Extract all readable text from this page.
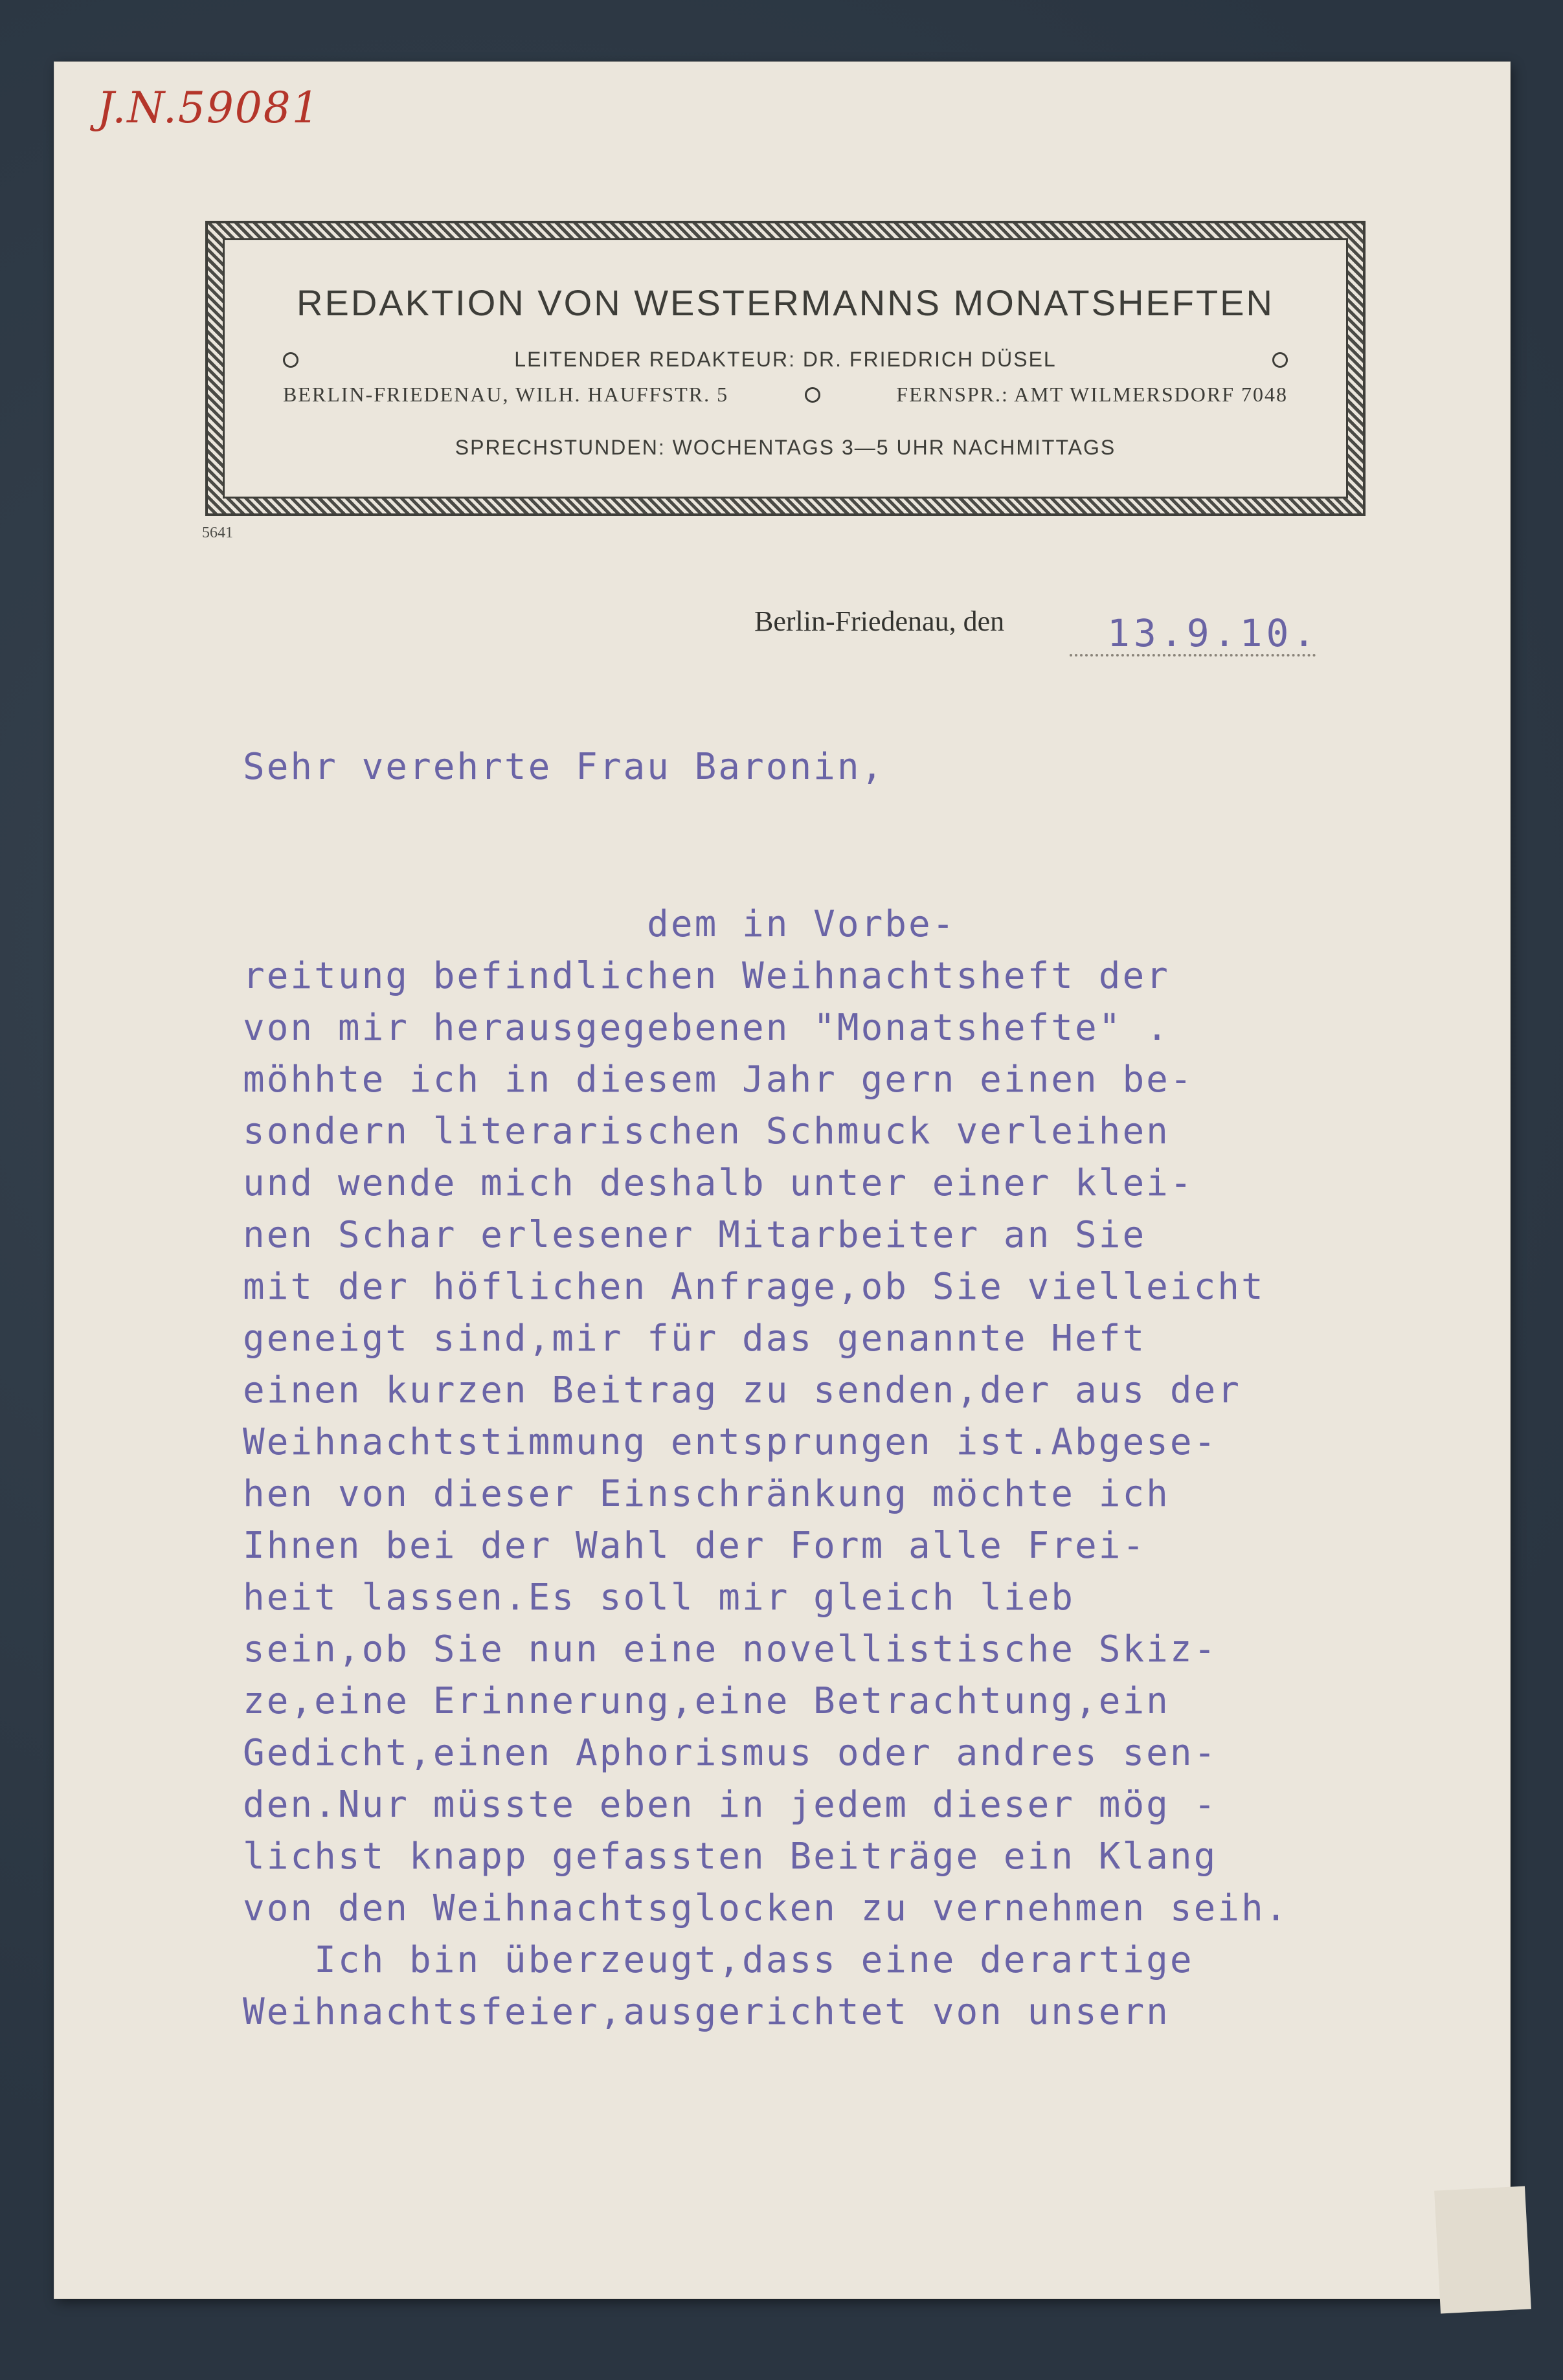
J.N.59081
REDAKTION VON WESTERMANNS MONATSHEFTEN
LEITENDER REDAKTEUR: DR. FRIEDRICH DÜSEL
BERLIN-FRIEDENAU, WILH. HAUFFSTR. 5	FERNSPR.: AMT WILMERSDORF 7048
SPRECHSTUNDEN: WOCHENTAGS 3—5 UHR NACHMITTAGS
5641
Berlin-Friedenau, den	13.9.10.
Sehr verehrte Frau Baronin,
dem in Vorbe-
reitung befindlichen Weihnachtsheft der
von mir herausgegebenen "Monatshefte" .
möhhte ich in diesem Jahr gern einen be-
sondern literarischen Schmuck verleihen
und wende mich deshalb unter einer klei-
nen Schar erlesener Mitarbeiter an Sie
mit der höflichen Anfrage,ob Sie vielleicht
geneigt sind,mir für das genannte Heft
einen kurzen Beitrag zu senden,der aus der
Weihnachtstimmung entsprungen ist.Abgese-
hen von dieser Einschränkung möchte ich
Ihnen bei der Wahl der Form alle Frei-
heit lassen.Es soll mir gleich lieb
sein,ob Sie nun eine novellistische Skiz-
ze,eine Erinnerung,eine Betrachtung,ein
Gedicht,einen Aphorismus oder andres sen-
den.Nur müsste eben in jedem dieser mög -
lichst knapp gefassten Beiträge ein Klang
von den Weihnachtsglocken zu vernehmen seih.
Ich bin überzeugt,dass eine derartige
Weihnachtsfeier,ausgerichtet von unsern
